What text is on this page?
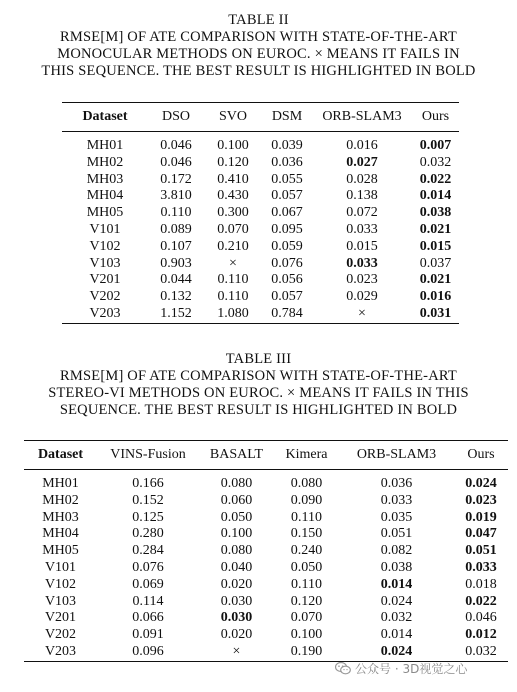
TABLE II
RMSE[M] OF ATE COMPARISON WITH STATE-OF-THE-ART
MONOCULAR METHODS ON EUROC. × MEANS IT FAILS IN
THIS SEQUENCE. THE BEST RESULT IS HIGHLIGHTED IN BOLD
Dataset	DSO	SVO	DSM	ORB-SLAM3	Ours

MH01	0.046	0.100	0.039	0.016	0.007
MH02	0.046	0.120	0.036	0.027	0.032
MH03	0.172	0.410	0.055	0.028	0.022
MH04	3.810	0.430	0.057	0.138	0.014
MH05	0.110	0.300	0.067	0.072	0.038
V101	0.089	0.070	0.095	0.033	0.021
V102	0.107	0.210	0.059	0.015	0.015
V103	0.903	×	0.076	0.033	0.037
V201	0.044	0.110	0.056	0.023	0.021
V202	0.132	0.110	0.057	0.029	0.016
V203	1.152	1.080	0.784	×	0.031
TABLE III
RMSE[M] OF ATE COMPARISON WITH STATE-OF-THE-ART
STEREO-VI METHODS ON EUROC. × MEANS IT FAILS IN THIS
SEQUENCE. THE BEST RESULT IS HIGHLIGHTED IN BOLD
Dataset	VINS-Fusion	BASALT	Kimera	ORB-SLAM3	Ours

MH01	0.166	0.080	0.080	0.036	0.024
MH02	0.152	0.060	0.090	0.033	0.023
MH03	0.125	0.050	0.110	0.035	0.019
MH04	0.280	0.100	0.150	0.051	0.047
MH05	0.284	0.080	0.240	0.082	0.051
V101	0.076	0.040	0.050	0.038	0.033
V102	0.069	0.020	0.110	0.014	0.018
V103	0.114	0.030	0.120	0.024	0.022
V201	0.066	0.030	0.070	0.032	0.046
V202	0.091	0.020	0.100	0.014	0.012
V203	0.096	×	0.190	0.024	0.032
公众号 · 3D视觉之心
